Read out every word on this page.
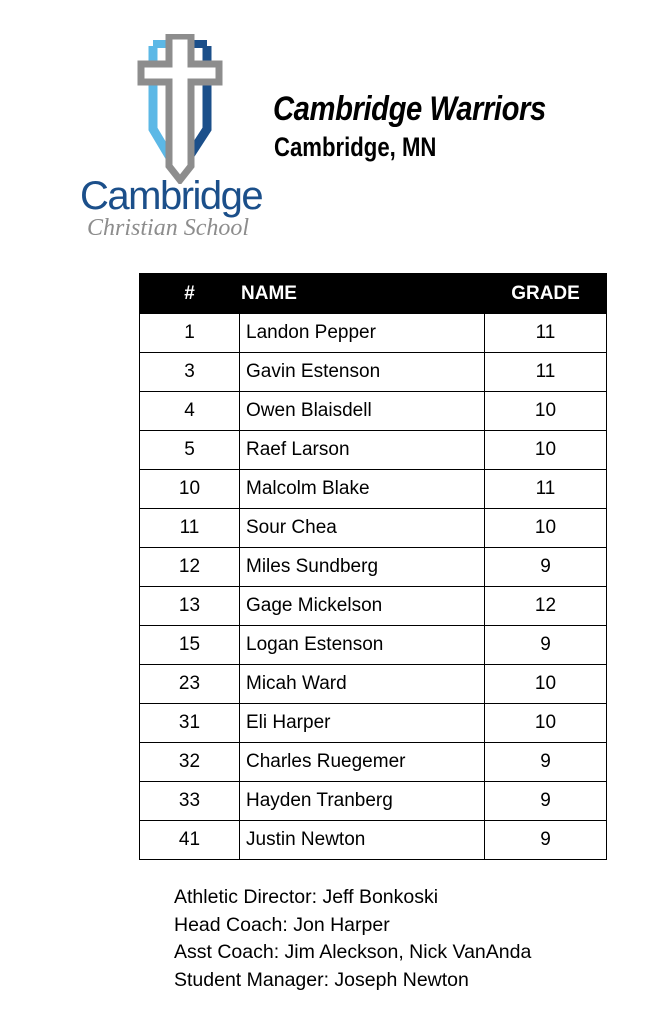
Cambridge
Christian School
Cambridge Warriors
Cambridge, MN
#	NAME	GRADE
1	Landon Pepper	11
3	Gavin Estenson	11
4	Owen Blaisdell	10
5	Raef Larson	10
10	Malcolm Blake	11
11	Sour Chea	10
12	Miles Sundberg	9
13	Gage Mickelson	12
15	Logan Estenson	9
23	Micah Ward	10
31	Eli Harper	10
32	Charles Ruegemer	9
33	Hayden Tranberg	9
41	Justin Newton	9
Athletic Director: Jeff Bonkoski
Head Coach: Jon Harper
Asst Coach: Jim Aleckson, Nick VanAnda
Student Manager: Joseph Newton
